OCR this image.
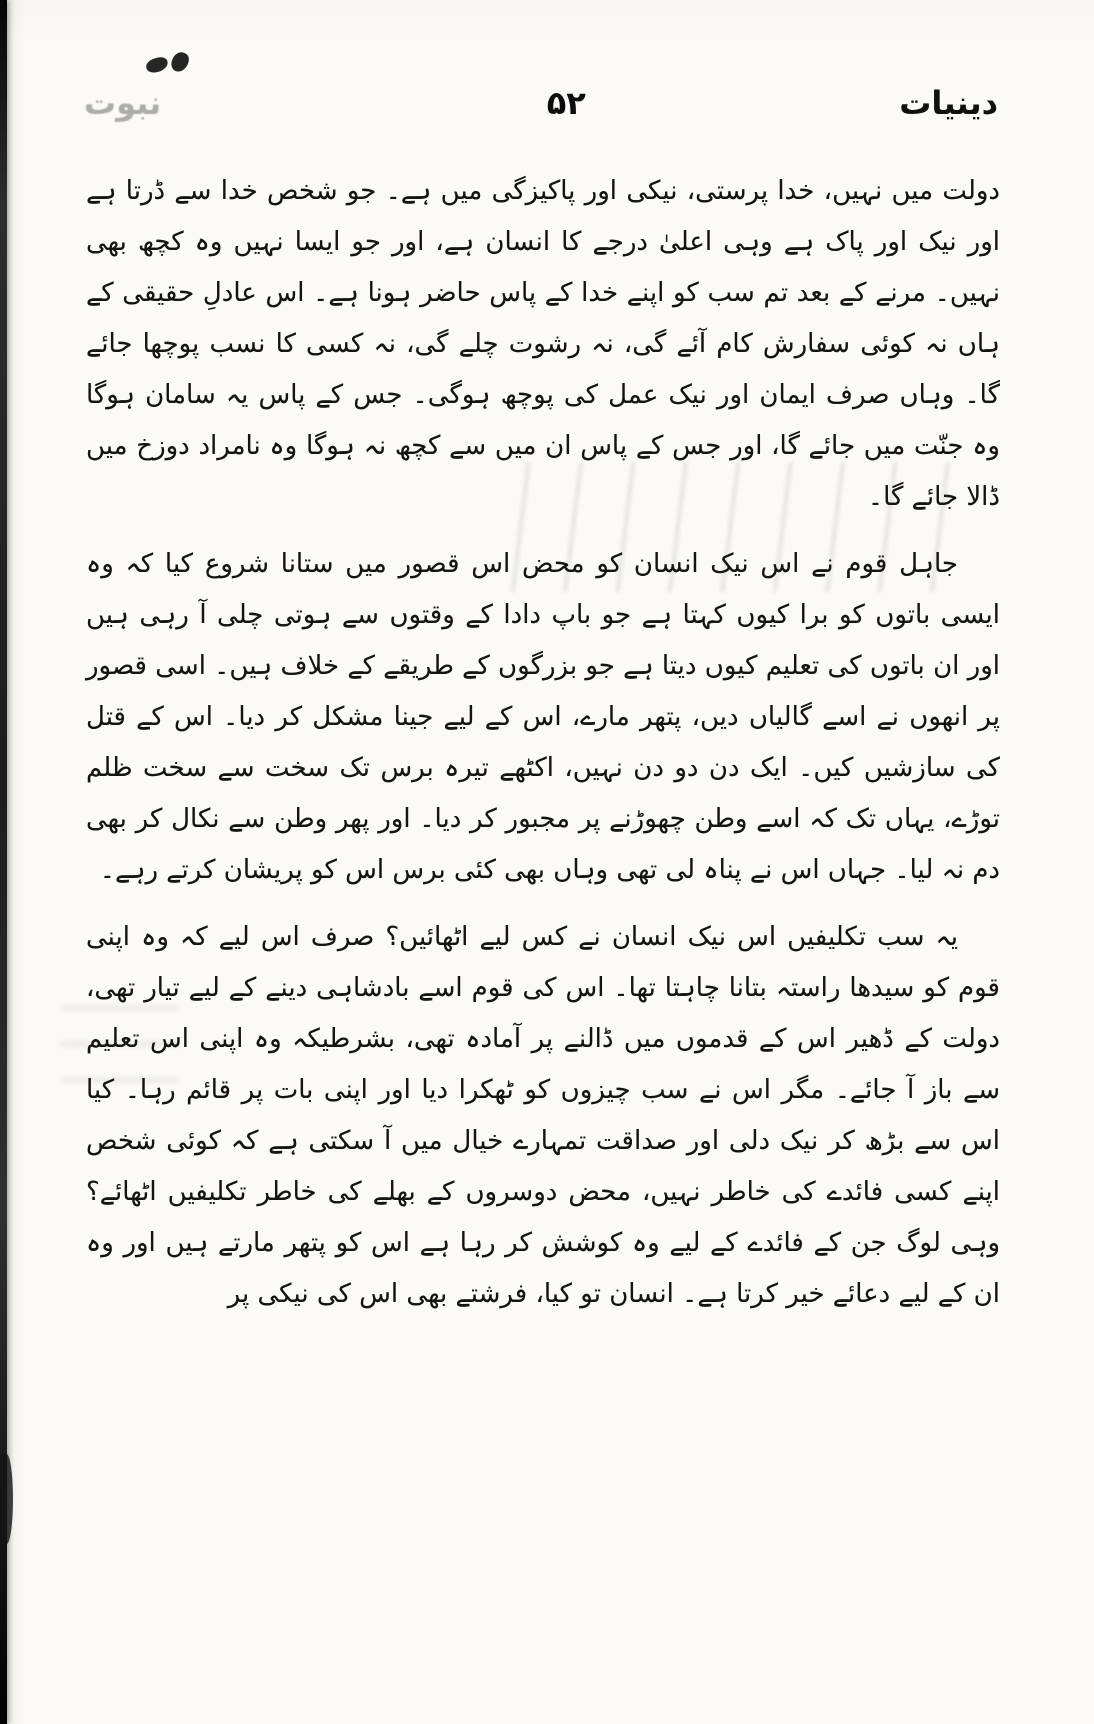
دینیات
۵۲
نبوت

دولت میں نہیں، خدا پرستی، نیکی اور پاکیزگی میں ہے۔ جو شخص خدا سے ڈرتا ہے اور نیک اور پاک ہے وہی اعلیٰ درجے کا انسان ہے، اور جو ایسا نہیں وہ کچھ بھی نہیں۔ مرنے کے بعد تم سب کو اپنے خدا کے پاس حاضر ہونا ہے۔ اس عادلِ حقیقی کے ہاں نہ کوئی سفارش کام آئے گی، نہ رشوت چلے گی، نہ کسی کا نسب پوچھا جائے گا۔ وہاں صرف ایمان اور نیک عمل کی پوچھ ہوگی۔ جس کے پاس یہ سامان ہوگا وہ جنّت میں جائے گا، اور جس کے پاس ان میں سے کچھ نہ ہوگا وہ نامراد دوزخ میں ڈالا جائے گا۔

جاہل قوم نے اس نیک انسان کو محض اس قصور میں ستانا شروع کیا کہ وہ ایسی باتوں کو برا کیوں کہتا ہے جو باپ دادا کے وقتوں سے ہوتی چلی آ رہی ہیں اور ان باتوں کی تعلیم کیوں دیتا ہے جو بزرگوں کے طریقے کے خلاف ہیں۔ اسی قصور پر انھوں نے اسے گالیاں دیں، پتھر مارے، اس کے لیے جینا مشکل کر دیا۔ اس کے قتل کی سازشیں کیں۔ ایک دن دو دن نہیں، اکٹھے تیرہ برس تک سخت سے سخت ظلم توڑے، یہاں تک کہ اسے وطن چھوڑنے پر مجبور کر دیا۔ اور پھر وطن سے نکال کر بھی دم نہ لیا۔ جہاں اس نے پناہ لی تھی وہاں بھی کئی برس اس کو پریشان کرتے رہے۔

یہ سب تکلیفیں اس نیک انسان نے کس لیے اٹھائیں؟ صرف اس لیے کہ وہ اپنی قوم کو سیدھا راستہ بتانا چاہتا تھا۔ اس کی قوم اسے بادشاہی دینے کے لیے تیار تھی، دولت کے ڈھیر اس کے قدموں میں ڈالنے پر آمادہ تھی، بشرطیکہ وہ اپنی اس تعلیم سے باز آ جائے۔ مگر اس نے سب چیزوں کو ٹھکرا دیا اور اپنی بات پر قائم رہا۔ کیا اس سے بڑھ کر نیک دلی اور صداقت تمہارے خیال میں آ سکتی ہے کہ کوئی شخص اپنے کسی فائدے کی خاطر نہیں، محض دوسروں کے بھلے کی خاطر تکلیفیں اٹھائے؟ وہی لوگ جن کے فائدے کے لیے وہ کوشش کر رہا ہے اس کو پتھر مارتے ہیں اور وہ ان کے لیے دعائے خیر کرتا ہے۔ انسان تو کیا، فرشتے بھی اس کی نیکی پر
